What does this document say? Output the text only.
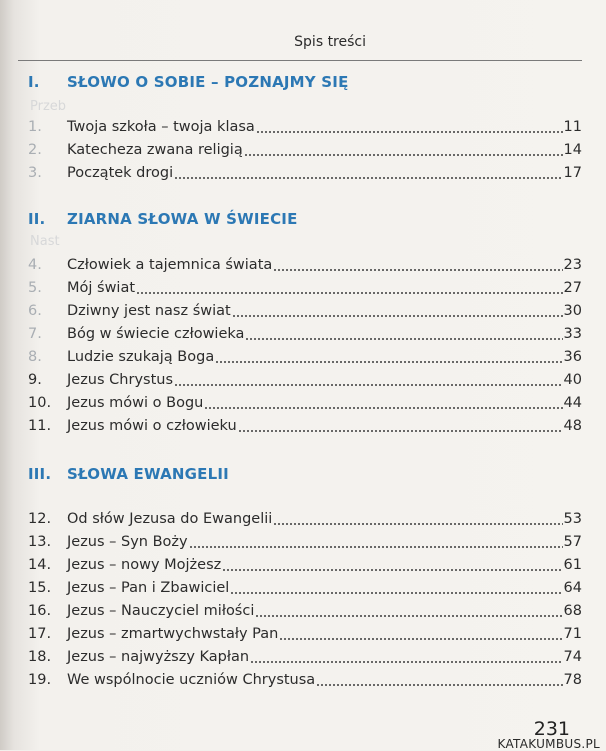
Spis treści
I. SŁOWO O SOBIE – POZNAJMY SIĘ
Przeb
1.	Twoja szkoła – twoja klasa	11
2.	Katecheza zwana religią	14
3.	Początek drogi	17
II. ZIARNA SŁOWA W ŚWIECIE
Nast
4.	Człowiek a tajemnica świata	23
5.	Mój świat	27
6.	Dziwny jest nasz świat	30
7.	Bóg w świecie człowieka	33
8.	Ludzie szukają Boga	36
9.	Jezus Chrystus	40
10.	Jezus mówi o Bogu	44
11.	Jezus mówi o człowieku	48
III. SŁOWA EWANGELII
12.	Od słów Jezusa do Ewangelii	53
13.	Jezus – Syn Boży	57
14.	Jezus – nowy Mojżesz	61
15.	Jezus – Pan i Zbawiciel	64
16.	Jezus – Nauczyciel miłości	68
17.	Jezus – zmartwychwstały Pan	71
18.	Jezus – najwyższy Kapłan	74
19.	We wspólnocie uczniów Chrystusa	78
231
KATAKUMBUS.PL
